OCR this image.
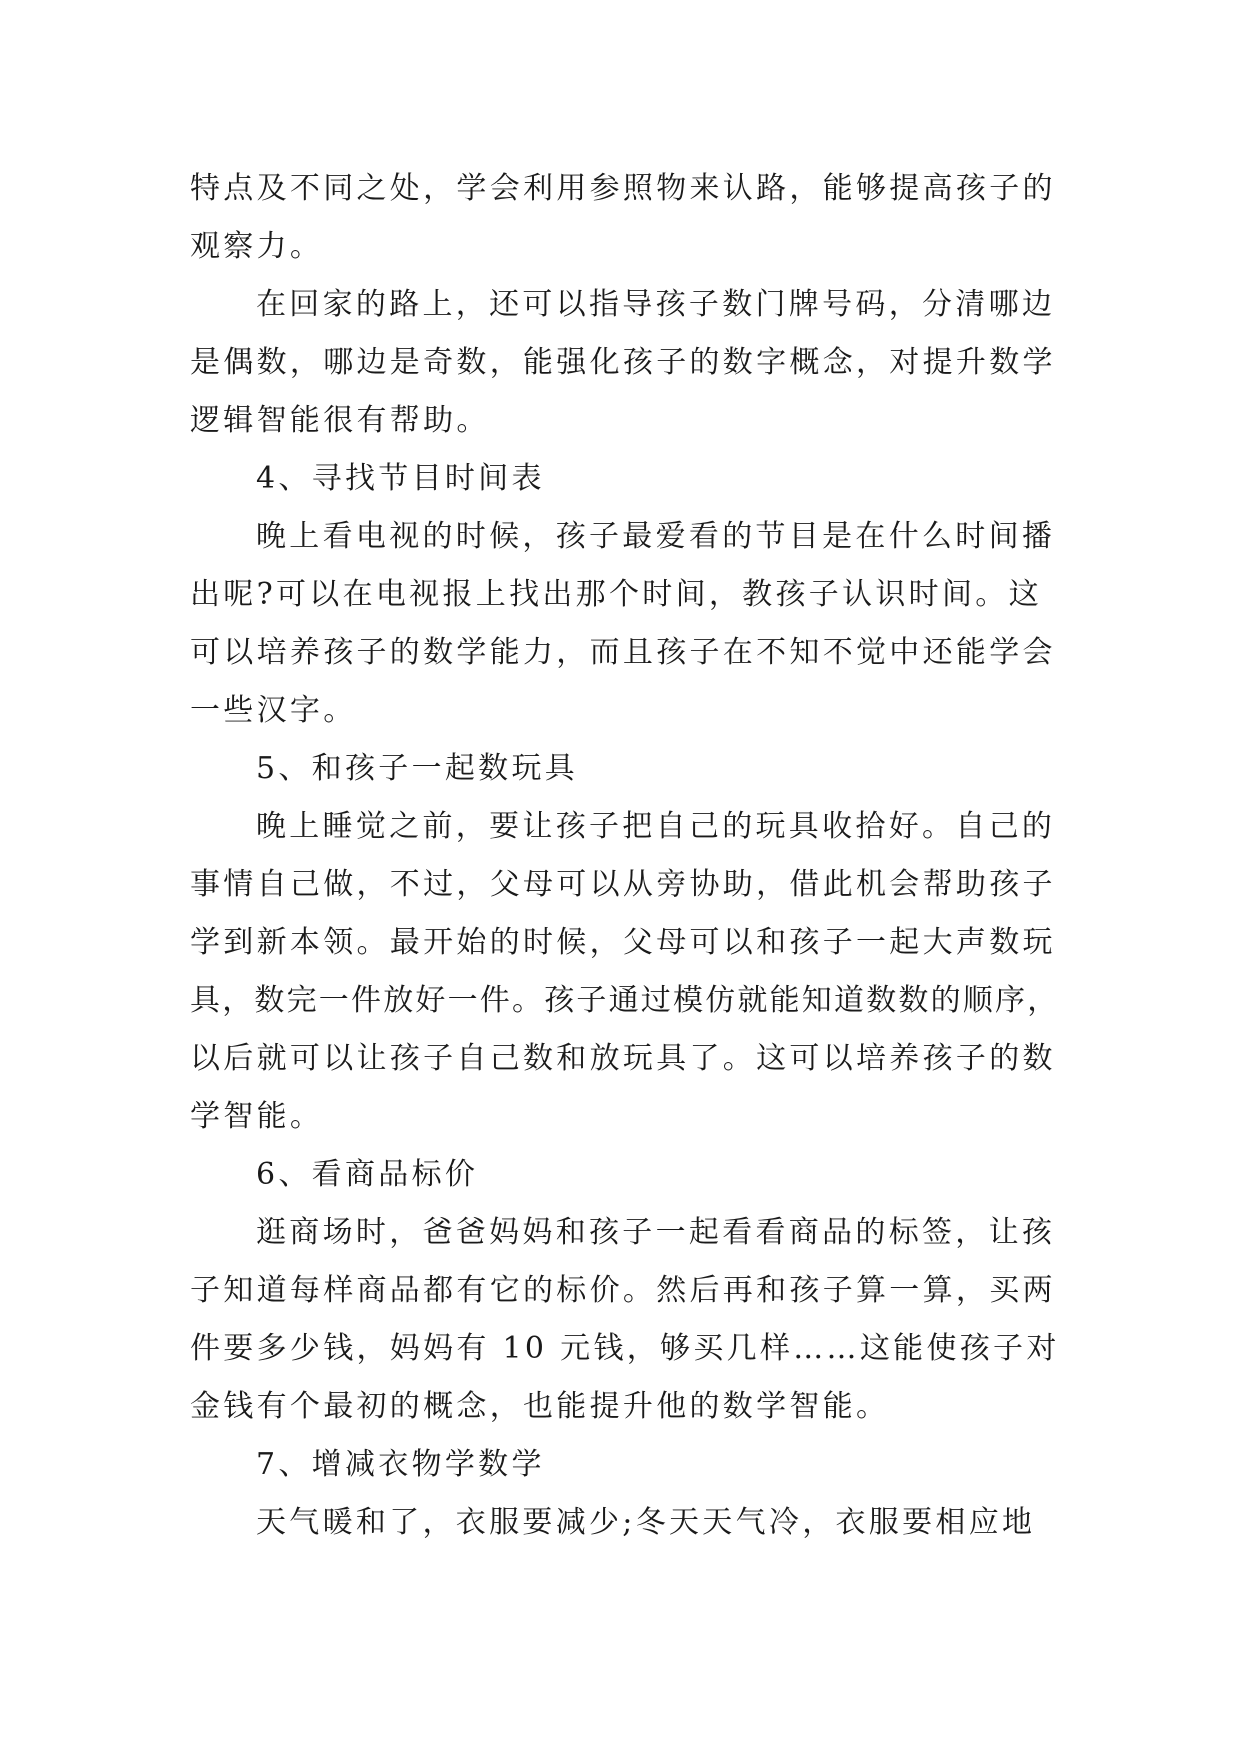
特点及不同之处，学会利用参照物来认路，能够提高孩子的
观察力。
在回家的路上，还可以指导孩子数门牌号码，分清哪边
是偶数，哪边是奇数，能强化孩子的数字概念，对提升数学
逻辑智能很有帮助。
4、寻找节目时间表
晚上看电视的时候，孩子最爱看的节目是在什么时间播
出呢?可以在电视报上找出那个时间，教孩子认识时间。这
可以培养孩子的数学能力，而且孩子在不知不觉中还能学会
一些汉字。
5、和孩子一起数玩具
晚上睡觉之前，要让孩子把自己的玩具收拾好。自己的
事情自己做，不过，父母可以从旁协助，借此机会帮助孩子
学到新本领。最开始的时候，父母可以和孩子一起大声数玩
具，数完一件放好一件。孩子通过模仿就能知道数数的顺序，
以后就可以让孩子自己数和放玩具了。这可以培养孩子的数
学智能。
6、看商品标价
逛商场时，爸爸妈妈和孩子一起看看商品的标签，让孩
子知道每样商品都有它的标价。然后再和孩子算一算，买两
件要多少钱，妈妈有 10 元钱，够买几样……这能使孩子对
金钱有个最初的概念，也能提升他的数学智能。
7、增减衣物学数学
天气暖和了，衣服要减少;冬天天气冷，衣服要相应地
